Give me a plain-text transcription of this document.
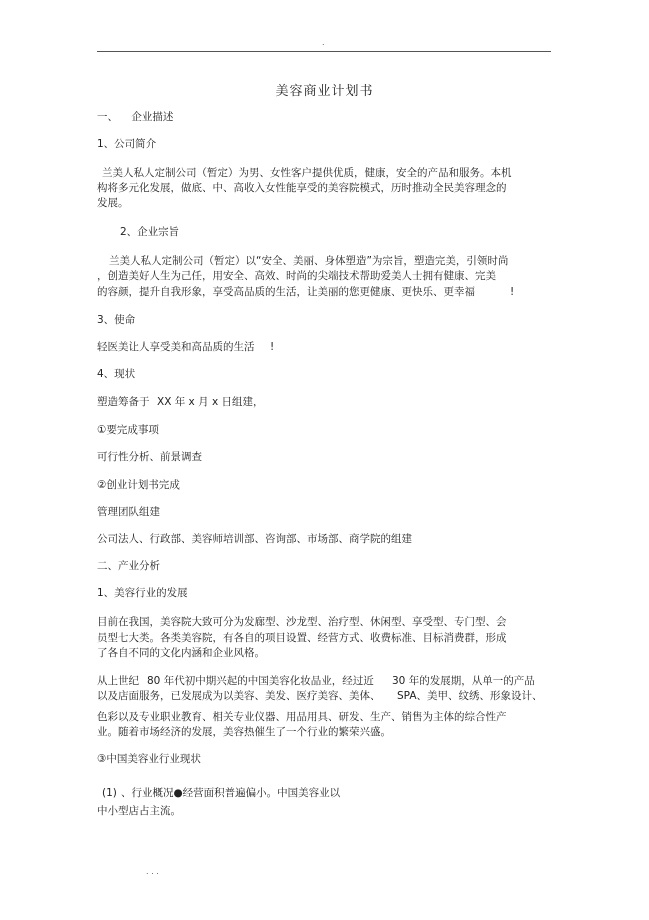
.
美容商业计划书
一、    企业描述
1、公司简介
兰美人私人定制公司（暂定）为男、女性客户提供优质，健康，安全的产品和服务。本机
构将多元化发展，做底、中、高收入女性能享受的美容院模式，历时推动全民美容理念的
发展。
2、企业宗旨
兰美人私人定制公司（暂定）以“安全、美丽、身体塑造”为宗旨，塑造完美，引领时尚
，创造美好人生为己任，用安全、高效、时尚的尖端技术帮助爱美人士拥有健康、完美
的容颜，提升自我形象，享受高品质的生活，让美丽的您更健康、更快乐、更幸福	!
3、使命
轻医美让人享受美和高品质的生活 !
4、现状
塑造筹备于 XX 年 x 月 x 日组建，
①要完成事项
可行性分析、前景调查
②创业计划书完成
管理团队组建
公司法人、行政部、美容师培训部、咨询部、市场部、商学院的组建
二、产业分析
1、美容行业的发展
目前在我国，美容院大致可分为发廊型、沙龙型、治疗型、休闲型、享受型、专门型、会
员型七大类。各类美容院，有各自的项目设置、经营方式、收费标准、目标消费群，形成
了各自不同的文化内涵和企业风格。
从上世纪 80 年代初中期兴起的中国美容化妆品业，经过近 30 年的发展期，从单一的产品
以及店面服务，已发展成为以美容、美发、医疗美容、美体、 SPA、美甲、纹绣、形象设计、
色彩以及专业职业教育、相关专业仪器、用品用具、研发、生产、销售为主体的综合性产
业。随着市场经济的发展，美容热催生了一个行业的繁荣兴盛。
③中国美容业行业现状
(1) 、行业概况●经营面积普遍偏小。中国美容业以
中小型店占主流。
. . .
